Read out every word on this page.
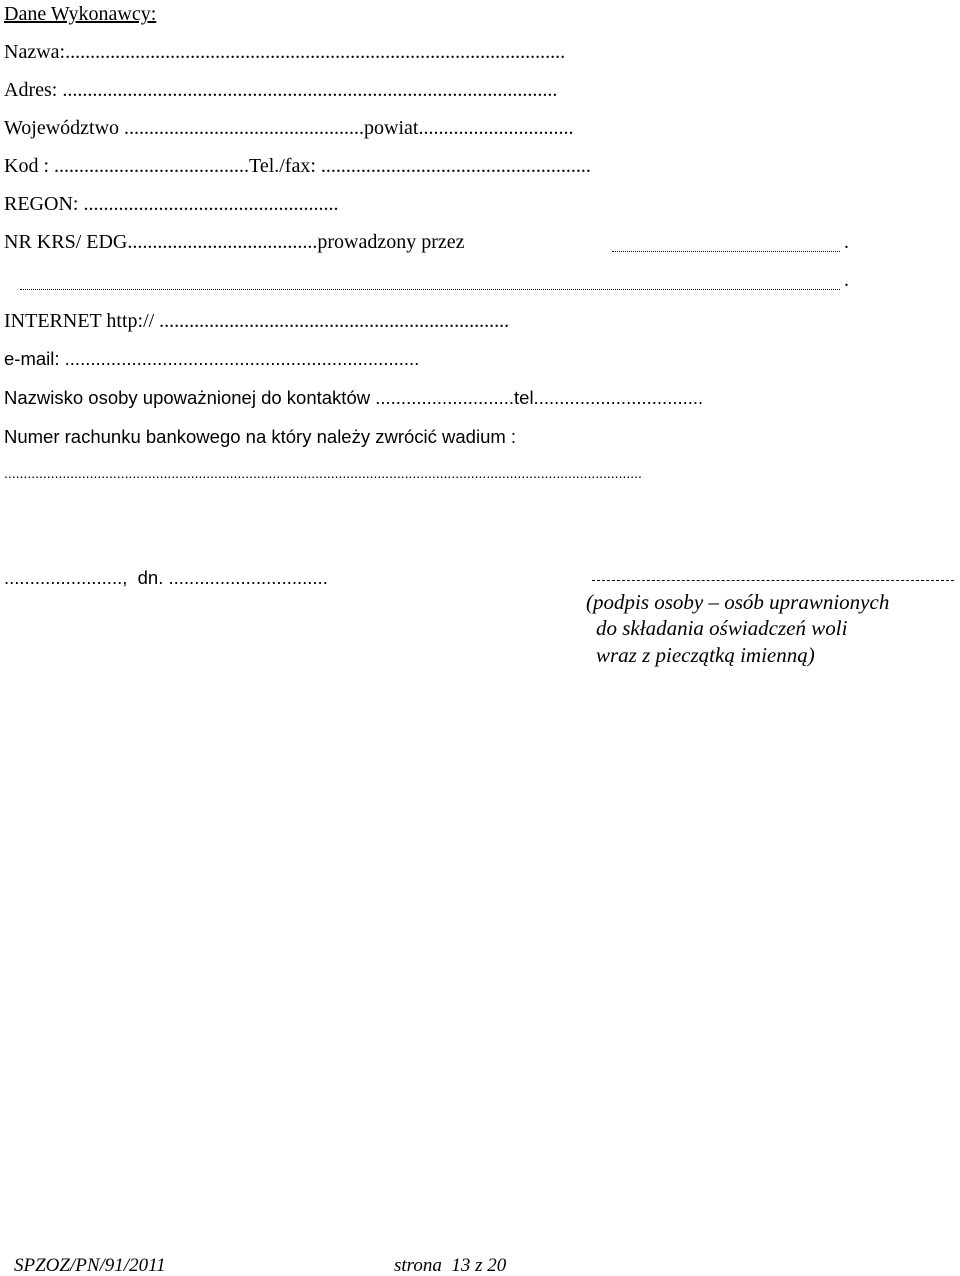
Dane Wykonawcy:
Nazwa:....................................................................................................
Adres: ...................................................................................................
Województwo ................................................powiat...............................
Kod : .......................................Tel./fax: ......................................................
REGON: ...................................................
NR KRS/ EDG......................................prowadzony przez	.
.
INTERNET http:// ......................................................................
e-mail: .....................................................................
Nazwisko osoby upoważnionej do kontaktów ...........................tel.................................
Numer rachunku bankowego na który należy zwrócić wadium :
....................................................................................................................................................................
.......................,  dn. ...............................
(podpis osoby – osób uprawnionych
do składania oświadczeń woli
wraz z pieczątką imienną)
SPZOZ/PN/91/2011	strona  13 z 20
